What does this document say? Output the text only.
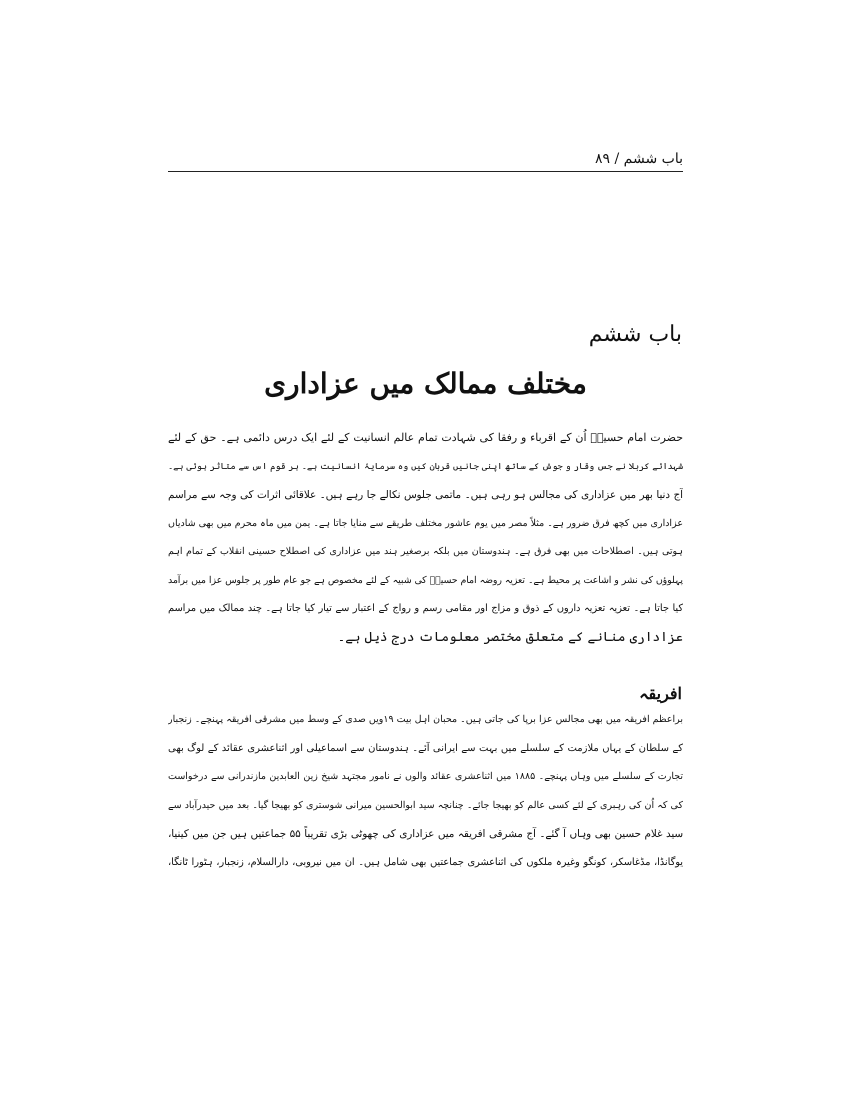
باب ششم / ۸۹
باب ششم
مختلف ممالک میں عزاداری
حضرت امام حسینؑ اُن کے اقرباء و رفقا کی شہادت تمام عالم انسانیت کے لئے ایک درس دائمی ہے۔ حق کے لئے
شہدائے کربلا نے جس وقار و جوش کے ساتھ اپنی جانیں قربان کیں وہ سرمایۂ انسانیت ہے۔ ہر قوم اس سے متاثر ہوئی ہے۔
آج دنیا بھر میں عزاداری کی مجالس ہو رہی ہیں۔ ماتمی جلوس نکالے جا رہے ہیں۔ علاقائی اثرات کی وجہ سے مراسم
عزاداری میں کچھ فرق ضرور ہے۔ مثلاً مصر میں یوم عاشور مختلف طریقے سے منایا جاتا ہے۔ یمن میں ماہ محرم میں بھی شادیاں
ہوتی ہیں۔ اصطلاحات میں بھی فرق ہے۔ ہندوستان میں بلکہ برصغیر ہند میں عزاداری کی اصطلاح حسینی انقلاب کے تمام اہم
پہلوؤں کی نشر و اشاعت پر محیط ہے۔ تعزیہ روضہ امام حسینؑ کی شبیہ کے لئے مخصوص ہے جو عام طور پر جلوس عزا میں برآمد
کیا جاتا ہے۔ تعزیہ تعزیہ داروں کے ذوق و مزاج اور مقامی رسم و رواج کے اعتبار سے تیار کیا جاتا ہے۔ چند ممالک میں مراسم
عزاداری منانے کے متعلق مختصر معلومات درج ذیل ہے۔
افریقہ
براعظم افریقہ میں بھی مجالس عزا برپا کی جاتی ہیں۔ محبان اہل بیت ۱۹ویں صدی کے وسط میں مشرقی افریقہ پہنچے۔ زنجبار
کے سلطان کے یہاں ملازمت کے سلسلے میں بہت سے ایرانی آئے۔ ہندوستان سے اسماعیلی اور اثناعشری عقائد کے لوگ بھی
تجارت کے سلسلے میں وہاں پہنچے۔ ۱۸۸۵ میں اثناعشری عقائد والوں نے نامور مجتہد شیخ زین العابدین مازندرانی سے درخواست
کی کہ اُن کی رہبری کے لئے کسی عالم کو بھیجا جائے۔ چنانچہ سید ابوالحسین میرانی شوستری کو بھیجا گیا۔ بعد میں حیدرآباد سے
سید غلام حسین بھی وہاں آ گئے۔ آج مشرقی افریقہ میں عزاداری کی چھوٹی بڑی تقریباً ۵۵ جماعتیں ہیں جن میں کینیا،
یوگانڈا، مڈغاسکر، کونگو وغیرہ ملکوں کی اثناعشری جماعتیں بھی شامل ہیں۔ ان میں نیروبی، دارالسلام، زنجبار، ہٹورا ٹانگا،
